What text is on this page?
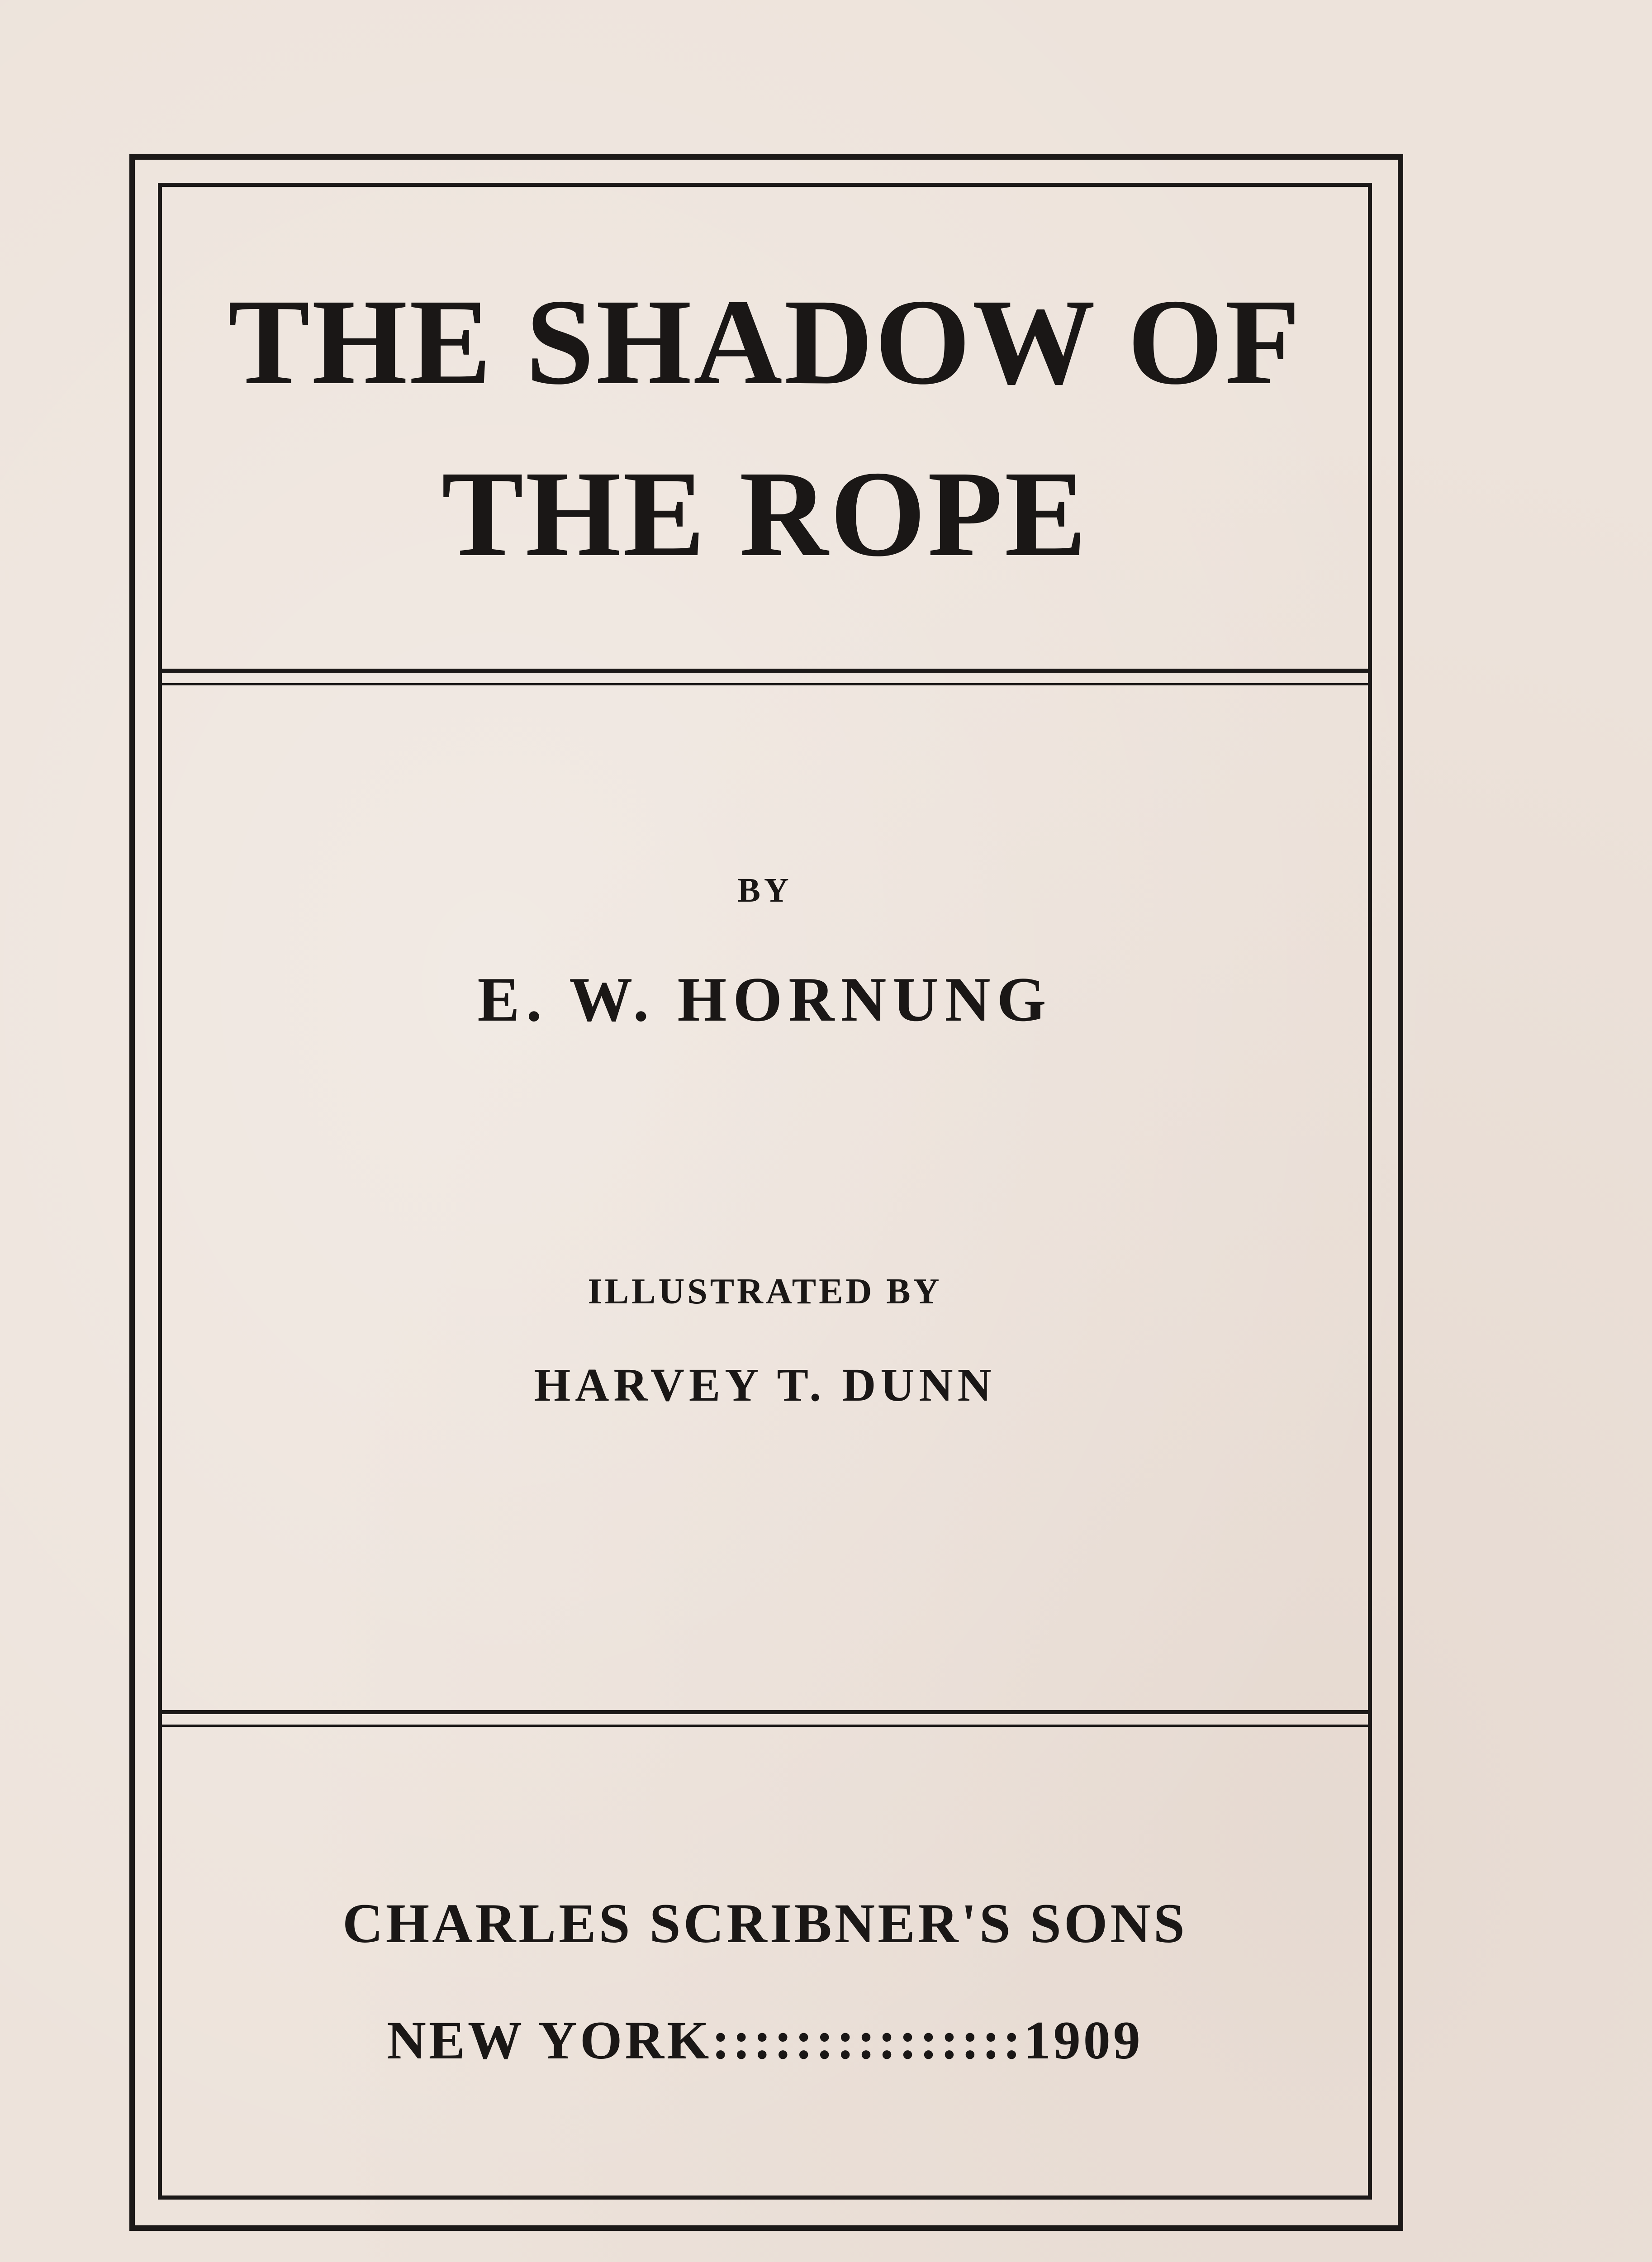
THE SHADOW OF
THE ROPE
BY
E. W. HORNUNG
ILLUSTRATED BY
HARVEY T. DUNN
CHARLES SCRIBNER'S SONS
NEW YORK:::::::::::::::1909
